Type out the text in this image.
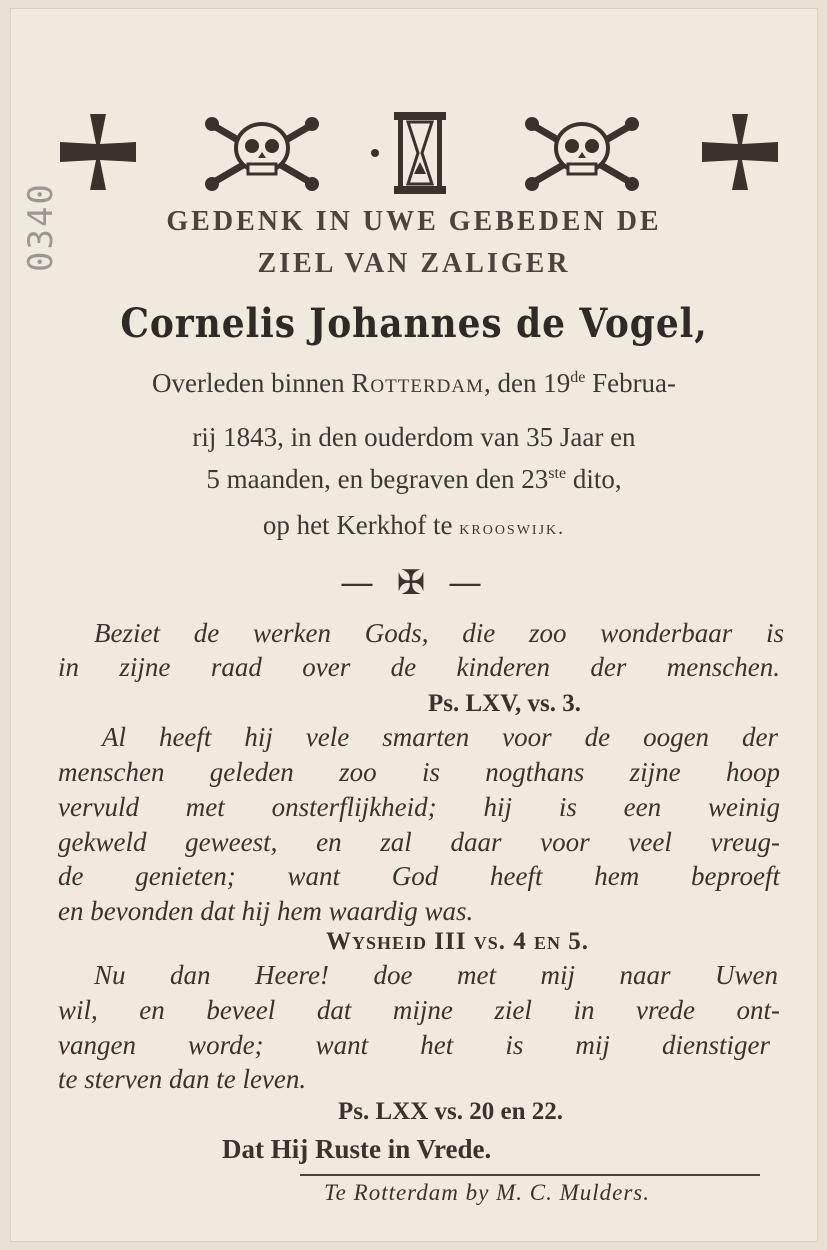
0340	GEDENK IN UWE GEBEDEN DE
ZIEL VAN ZALIGER
Cornelis Johannes de Vogel,
Overleden binnen Rotterdam, den 19de Februa-
rij 1843, in den ouderdom van 35 Jaar en
5 maanden, en begraven den 23ste dito,
op het Kerkhof te krooswijk.
— ✠ —
Beziet de werken Gods, die zoo wonderbaar is
in zijne raad over de kinderen der menschen.
Ps. LXV, vs. 3.
Al heeft hij vele smarten voor de oogen der
menschen geleden zoo is nogthans zijne hoop
vervuld met onsterflijkheid; hij is een weinig
gekweld geweest, en zal daar voor veel vreug-
de genieten; want God heeft hem beproeft
en bevonden dat hij hem waardig was.
Wysheid III vs. 4 en 5.
Nu dan Heere! doe met mij naar Uwen
wil, en beveel dat mijne ziel in vrede ont-
vangen worde; want het is mij dienstiger
te sterven dan te leven.
Ps. LXX vs. 20 en 22.
Dat Hij Ruste in Vrede.
Te Rotterdam by M. C. Mulders.
